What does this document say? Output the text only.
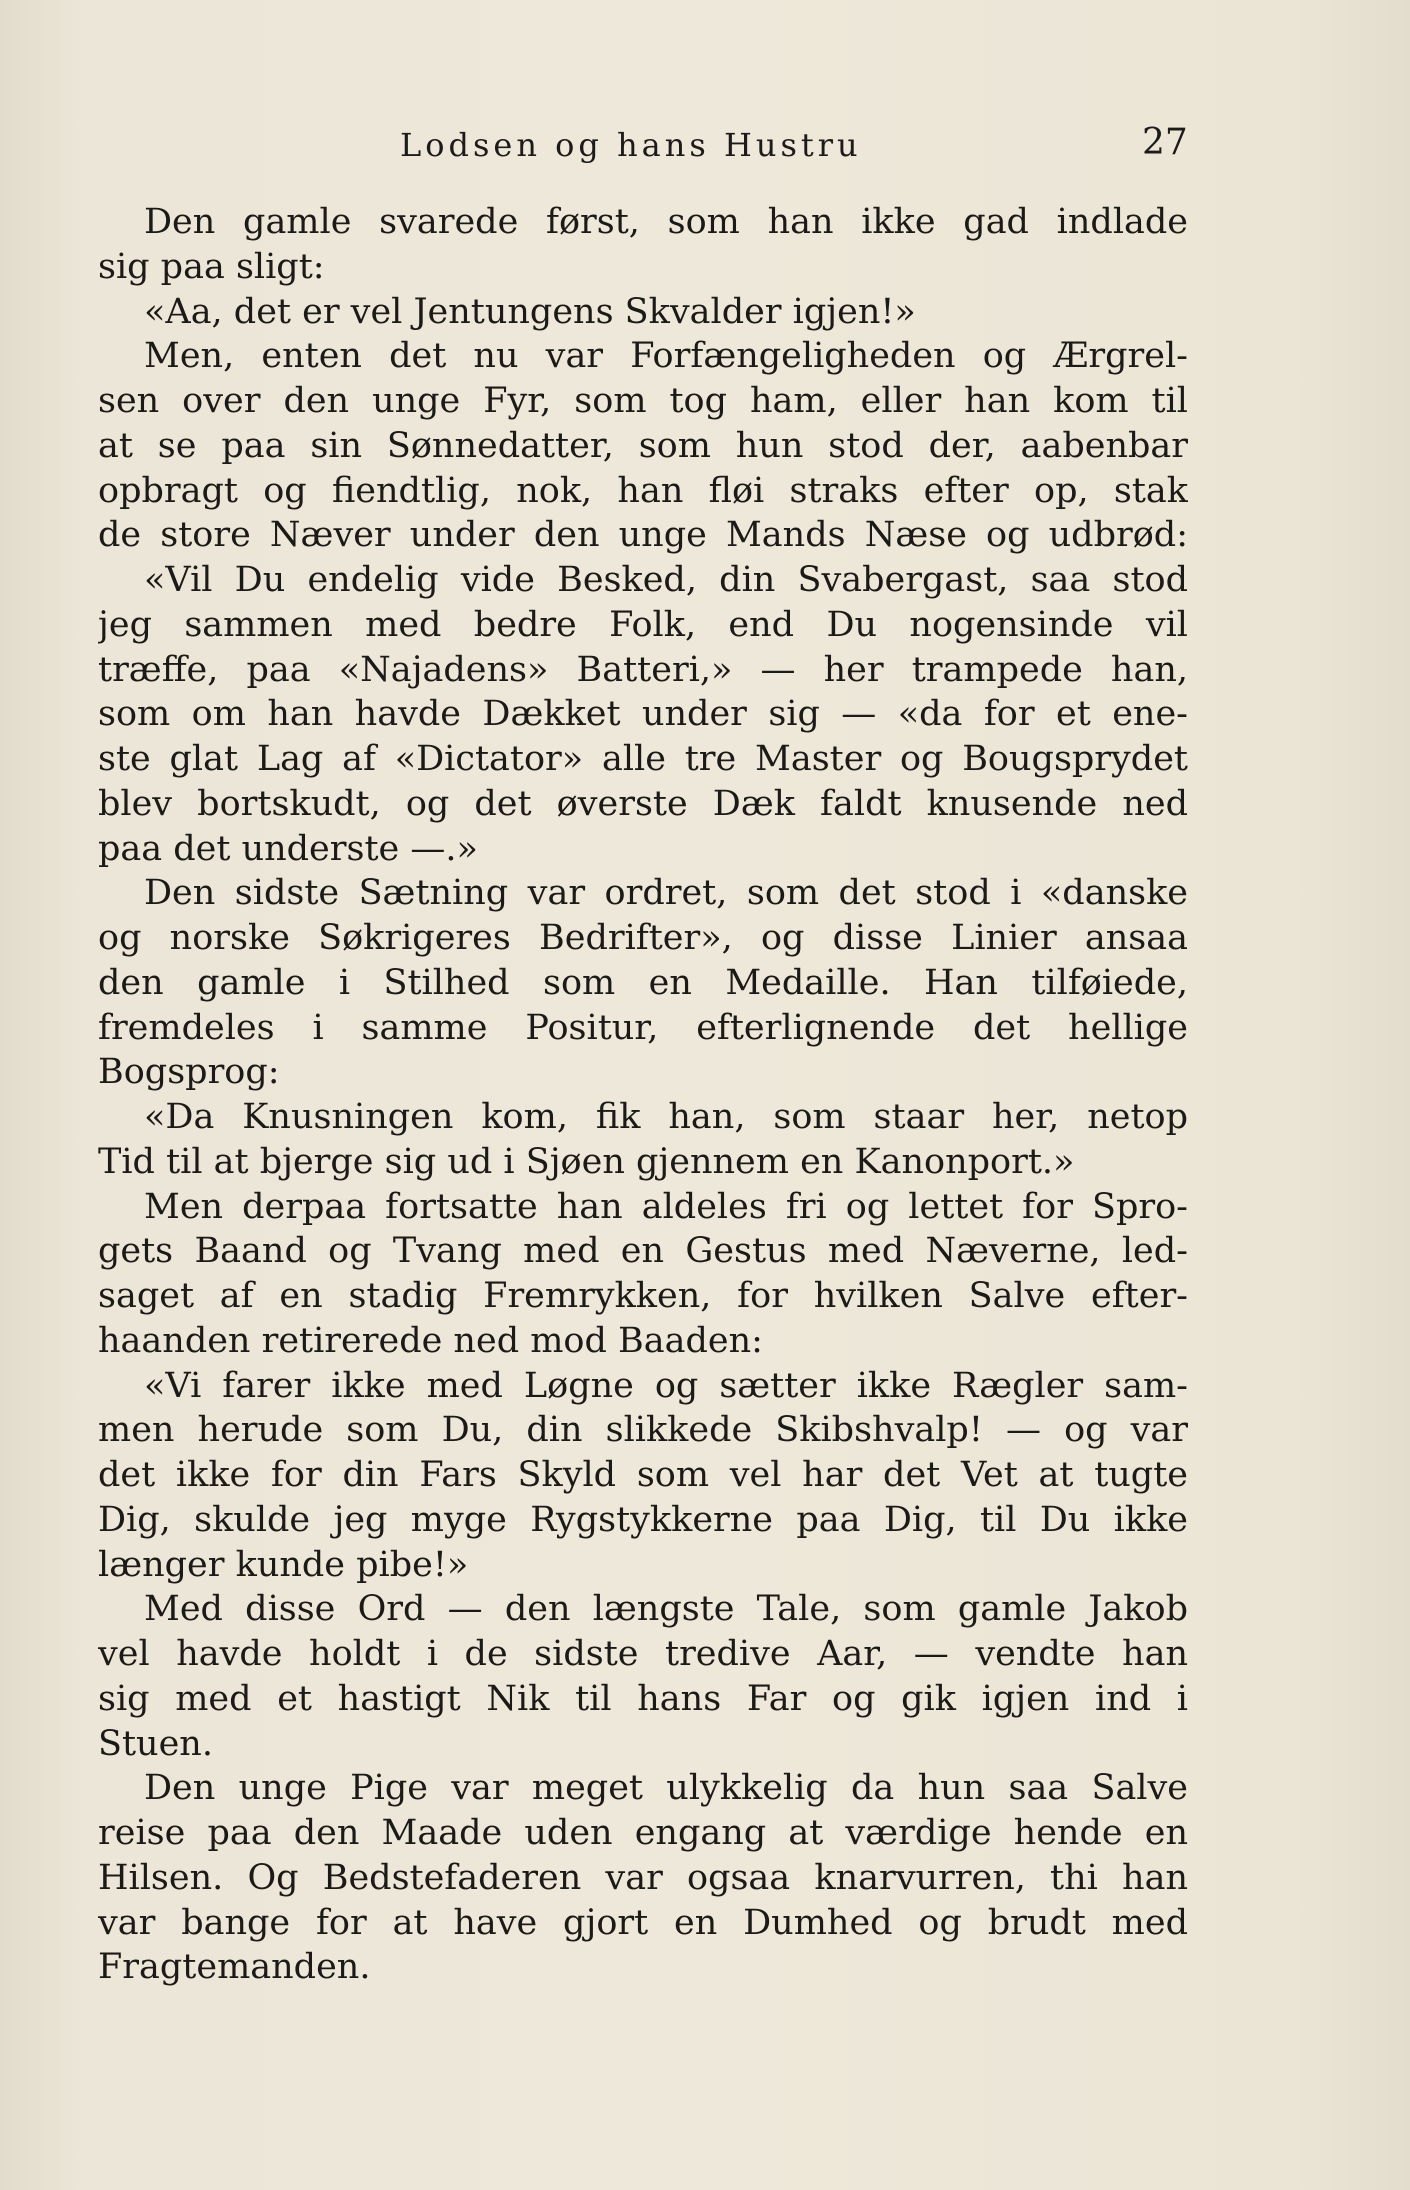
Lodsen og hans Hustru	27
Den gamle svarede først, som han ikke gad indlade
sig paa sligt:
«Aa, det er vel Jentungens Skvalder igjen!»
Men, enten det nu var Forfængeligheden og Ærgrel-
sen over den unge Fyr, som tog ham, eller han kom til
at se paa sin Sønnedatter, som hun stod der, aabenbar
opbragt og fiendtlig, nok, han fløi straks efter op, stak
de store Næver under den unge Mands Næse og udbrød:
«Vil Du endelig vide Besked, din Svabergast, saa stod
jeg sammen med bedre Folk, end Du nogensinde vil
træffe, paa «Najadens» Batteri,» — her trampede han,
som om han havde Dækket under sig — «da for et ene-
ste glat Lag af «Dictator» alle tre Master og Bougsprydet
blev bortskudt, og det øverste Dæk faldt knusende ned
paa det underste —.»
Den sidste Sætning var ordret, som det stod i «danske
og norske Søkrigeres Bedrifter», og disse Linier ansaa
den gamle i Stilhed som en Medaille. Han tilføiede,
fremdeles i samme Positur, efterlignende det hellige
Bogsprog:
«Da Knusningen kom, fik han, som staar her, netop
Tid til at bjerge sig ud i Sjøen gjennem en Kanonport.»
Men derpaa fortsatte han aldeles fri og lettet for Spro-
gets Baand og Tvang med en Gestus med Næverne, led-
saget af en stadig Fremrykken, for hvilken Salve efter-
haanden retirerede ned mod Baaden:
«Vi farer ikke med Løgne og sætter ikke Rægler sam-
men herude som Du, din slikkede Skibshvalp! — og var
det ikke for din Fars Skyld som vel har det Vet at tugte
Dig, skulde jeg myge Rygstykkerne paa Dig, til Du ikke
længer kunde pibe!»
Med disse Ord — den længste Tale, som gamle Jakob
vel havde holdt i de sidste tredive Aar, — vendte han
sig med et hastigt Nik til hans Far og gik igjen ind i
Stuen.
Den unge Pige var meget ulykkelig da hun saa Salve
reise paa den Maade uden engang at værdige hende en
Hilsen. Og Bedstefaderen var ogsaa knarvurren, thi han
var bange for at have gjort en Dumhed og brudt med
Fragtemanden.
